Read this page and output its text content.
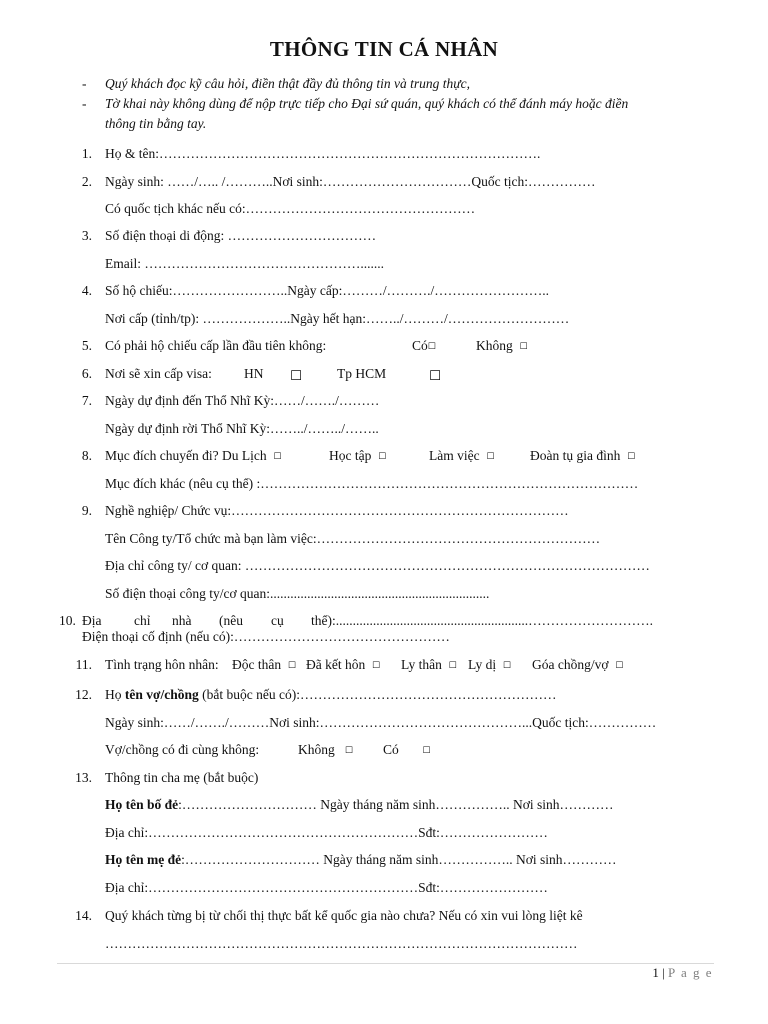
THÔNG TIN CÁ NHÂN
- Quý khách đọc kỹ câu hỏi, điền thật đầy đủ thông tin và trung thực,
- Tờ khai này không dùng để nộp trực tiếp cho Đại sứ quán, quý khách có thể đánh máy hoặc điền
thông tin bằng tay.
1. Họ & tên:………………………………………………………………………….
2. Ngày sinh: ……/….. /………..Nơi sinh:……………………………Quốc tịch:……………
Có quốc tịch khác nếu có:……………………………………………
3. Số điện thoại di động: ……………………………
Email: ………………………………………….......
4. Số hộ chiếu:……………………..Ngày cấp:………/………./……………………..
Nơi cấp (tỉnh/tp): ………………..Ngày hết hạn:……../………/………………………
5. Có phải hộ chiếu cấp lần đầu tiên không:	Có☐	Không ☐
6. Nơi sẽ xin cấp visa: HN ☐	Tp HCM	☐
7. Ngày dự định đến Thổ Nhĩ Kỳ:……/……./………
Ngày dự định rời Thổ Nhĩ Kỳ:……../……../……..
8. Mục đích chuyến đi? Du Lịch ☐	Học tập ☐	Làm việc ☐	Đoàn tụ gia đình ☐
Mục đích khác (nêu cụ thể) :…………………………………………………………………………
9. Nghề nghiệp/ Chức vụ:…………………………………………………………………
Tên Công ty/Tổ chức mà bạn làm việc:………………………………………………………
Địa chỉ công ty/ cơ quan: ………………………………………………………………………………
Số điện thoại công ty/cơ quan:.................................................................
10. Địa chỉ nhà (nêu cụ thể):.........................................................……………………….
Điện thoại cố định (nếu có):…………………………………………
11. Tình trạng hôn nhân: Độc thân ☐ Đã kết hôn ☐ Ly thân ☐ Ly dị ☐ Góa chồng/vợ ☐
12. Họ tên vợ/chồng (bắt buộc nếu có):…………………………………………………
Ngày sinh:……/……./………Nơi sinh:………………………………………...Quốc tịch:……………
Vợ/chồng có đi cùng không:	Không ☐ Có	☐
13. Thông tin cha mẹ (bắt buộc)
Họ tên bố đẻ:………………………… Ngày tháng năm sinh…………….. Nơi sinh…………
Địa chỉ:……………………………………………………Sđt:……………………
Họ tên mẹ đẻ:………………………… Ngày tháng năm sinh…………….. Nơi sinh…………
Địa chỉ:……………………………………………………Sđt:……………………
14. Quý khách từng bị từ chối thị thực bất kể quốc gia nào chưa? Nếu có xin vui lòng liệt kê
……………………………………………………………………………………………
1 | P a g e
